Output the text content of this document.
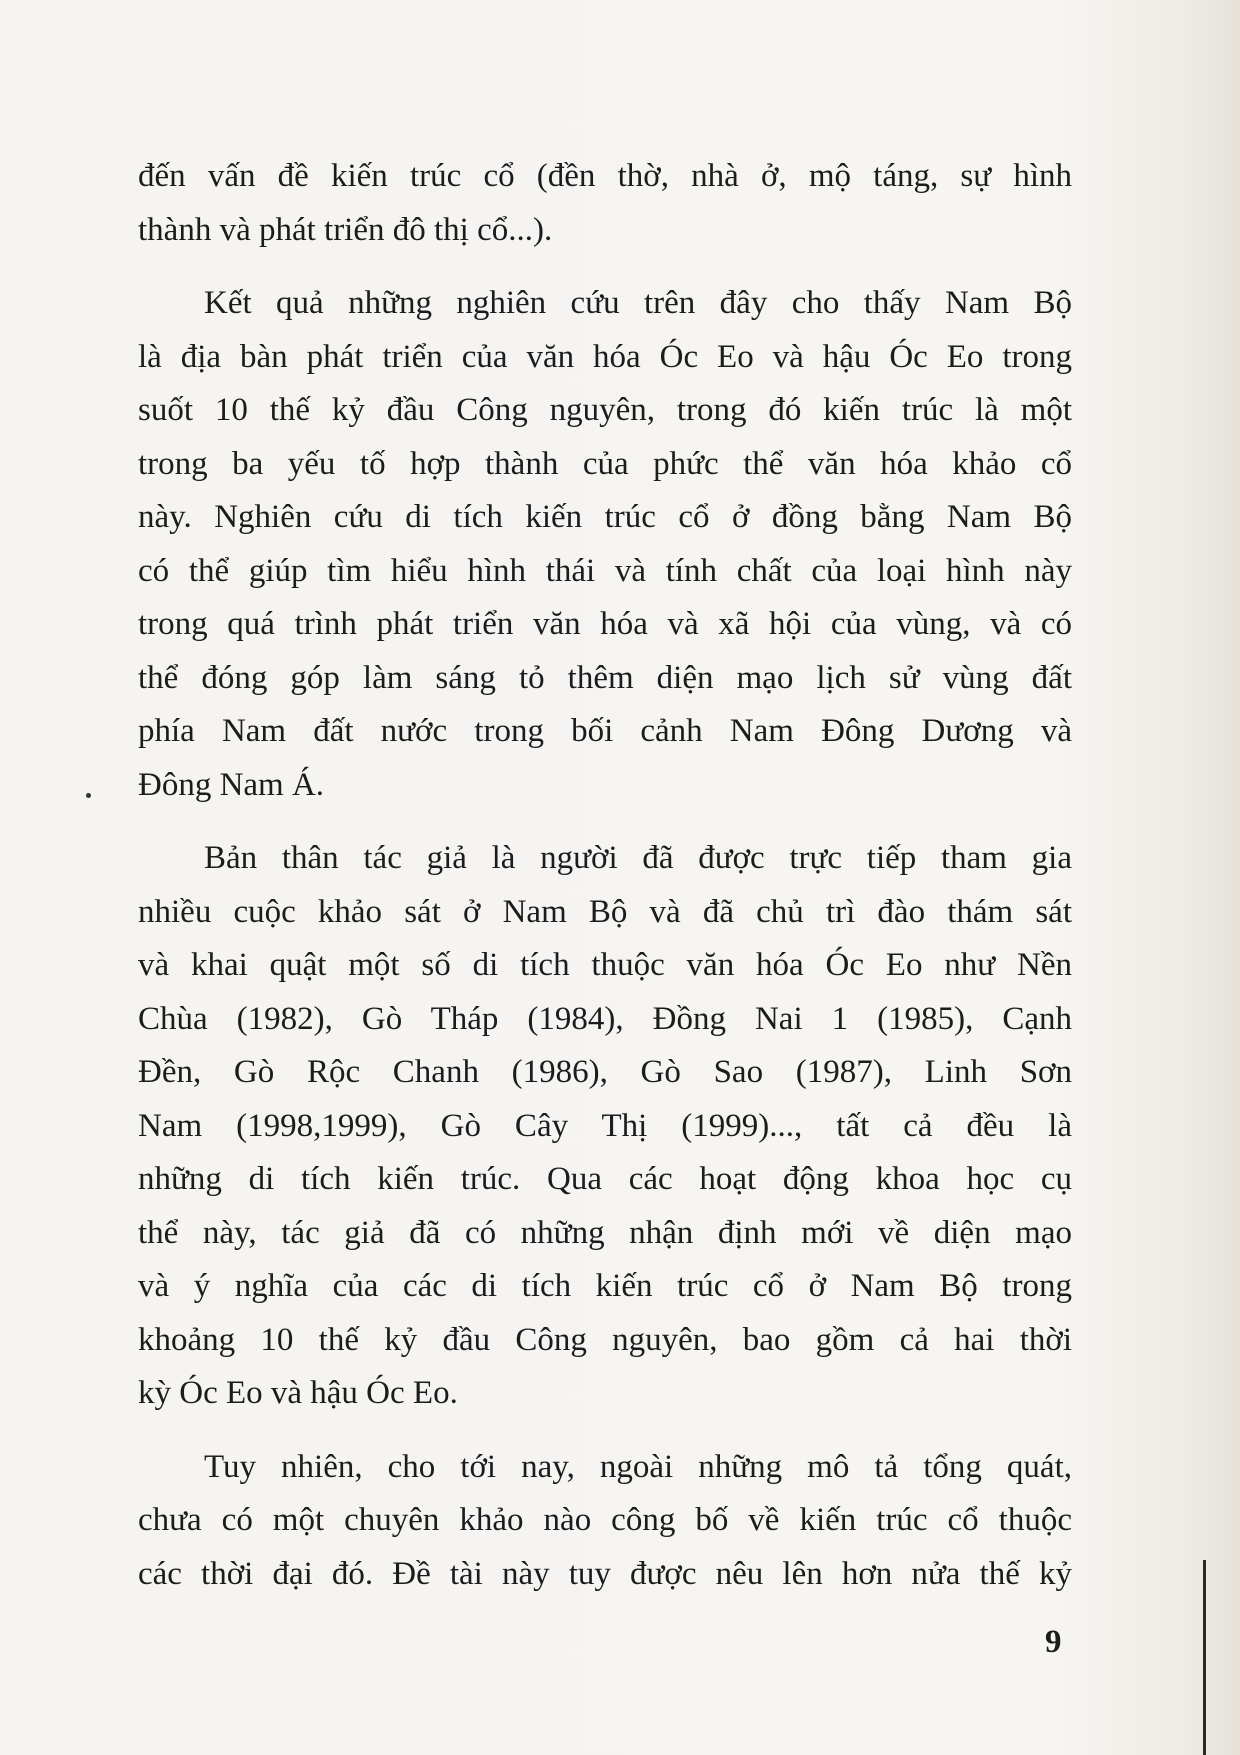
đến vấn đề kiến trúc cổ (đền thờ, nhà ở, mộ táng, sự hình
thành và phát triển đô thị cổ...).

Kết quả những nghiên cứu trên đây cho thấy Nam Bộ
là địa bàn phát triển của văn hóa Óc Eo và hậu Óc Eo trong
suốt 10 thế kỷ đầu Công nguyên, trong đó kiến trúc là một
trong ba yếu tố hợp thành của phức thể văn hóa khảo cổ
này. Nghiên cứu di tích kiến trúc cổ ở đồng bằng Nam Bộ
có thể giúp tìm hiểu hình thái và tính chất của loại hình này
trong quá trình phát triển văn hóa và xã hội của vùng, và có
thể đóng góp làm sáng tỏ thêm diện mạo lịch sử vùng đất
phía Nam đất nước trong bối cảnh Nam Đông Dương và
Đông Nam Á.

Bản thân tác giả là người đã được trực tiếp tham gia
nhiều cuộc khảo sát ở Nam Bộ và đã chủ trì đào thám sát
và khai quật một số di tích thuộc văn hóa Óc Eo như Nền
Chùa (1982), Gò Tháp (1984), Đồng Nai 1 (1985), Cạnh
Đền, Gò Rộc Chanh (1986), Gò Sao (1987), Linh Sơn
Nam (1998,1999), Gò Cây Thị (1999)..., tất cả đều là
những di tích kiến trúc. Qua các hoạt động khoa học cụ
thể này, tác giả đã có những nhận định mới về diện mạo
và ý nghĩa của các di tích kiến trúc cổ ở Nam Bộ trong
khoảng 10 thế kỷ đầu Công nguyên, bao gồm cả hai thời
kỳ Óc Eo và hậu Óc Eo.

Tuy nhiên, cho tới nay, ngoài những mô tả tổng quát,
chưa có một chuyên khảo nào công bố về kiến trúc cổ thuộc
các thời đại đó. Đề tài này tuy được nêu lên hơn nửa thế kỷ

9
